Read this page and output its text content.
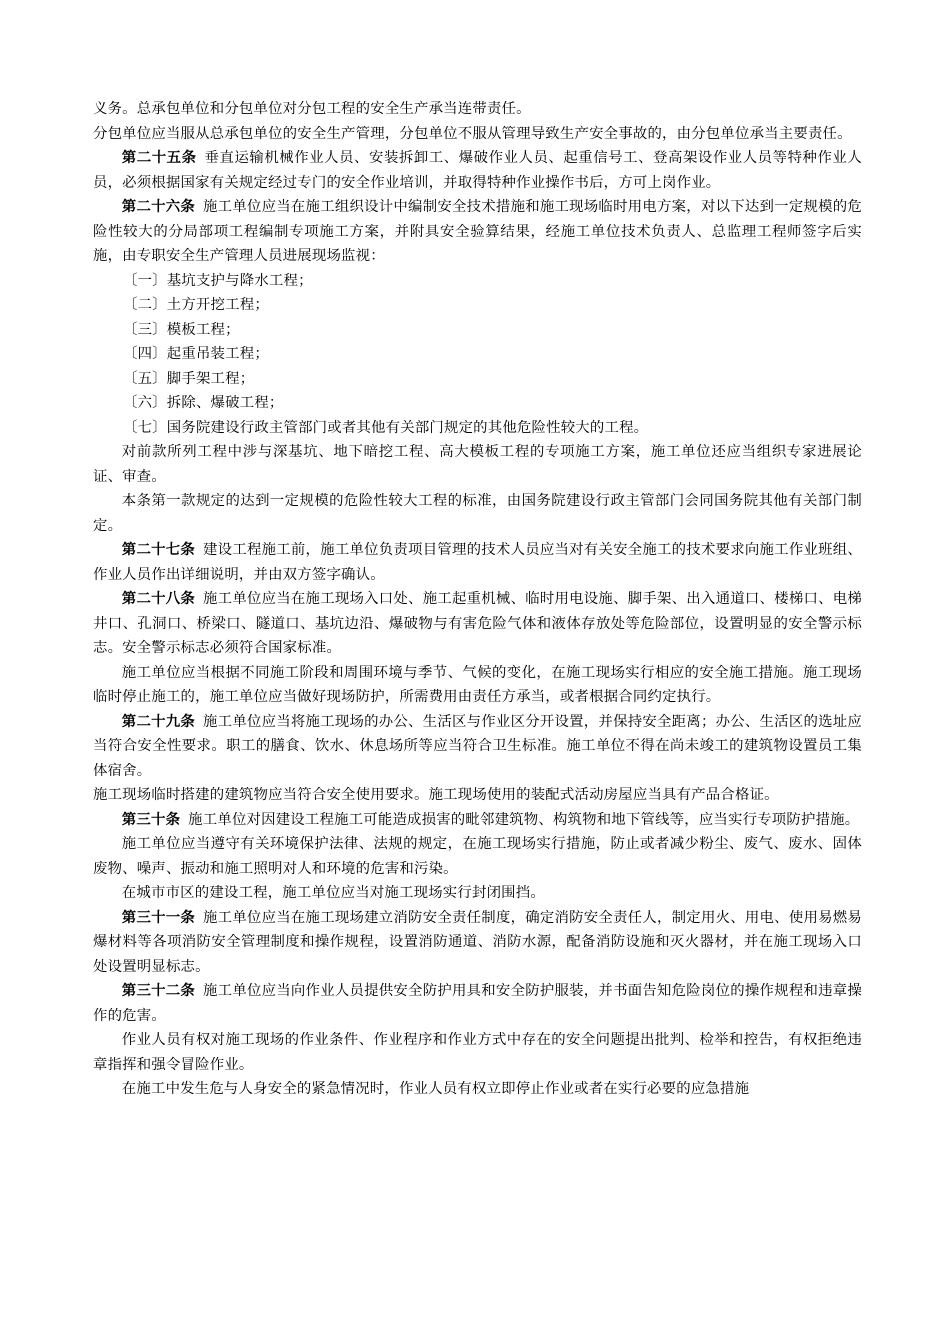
义务。总承包单位和分包单位对分包工程的安全生产承当连带责任。

分包单位应当服从总承包单位的安全生产管理，分包单位不服从管理导致生产安全事故的，由分包单位承当主要责任。

第二十五条 垂直运输机械作业人员、安装拆卸工、爆破作业人员、起重信号工、登高架设作业人员等特种作业人员，必须根据国家有关规定经过专门的安全作业培训，并取得特种作业操作书后，方可上岗作业。

第二十六条 施工单位应当在施工组织设计中编制安全技术措施和施工现场临时用电方案，对以下达到一定规模的危险性较大的分局部项工程编制专项施工方案，并附具安全验算结果，经施工单位技术负责人、总监理工程师签字后实施，由专职安全生产管理人员进展现场监视：

〔一〕基坑支护与降水工程；

〔二〕土方开挖工程；

〔三〕模板工程；

〔四〕起重吊装工程；

〔五〕脚手架工程；

〔六〕拆除、爆破工程；

〔七〕国务院建设行政主管部门或者其他有关部门规定的其他危险性较大的工程。

对前款所列工程中涉与深基坑、地下暗挖工程、高大模板工程的专项施工方案，施工单位还应当组织专家进展论证、审查。

本条第一款规定的达到一定规模的危险性较大工程的标准，由国务院建设行政主管部门会同国务院其他有关部门制定。

第二十七条 建设工程施工前，施工单位负责项目管理的技术人员应当对有关安全施工的技术要求向施工作业班组、作业人员作出详细说明，并由双方签字确认。

第二十八条 施工单位应当在施工现场入口处、施工起重机械、临时用电设施、脚手架、出入通道口、楼梯口、电梯井口、孔洞口、桥梁口、隧道口、基坑边沿、爆破物与有害危险气体和液体存放处等危险部位，设置明显的安全警示标志。安全警示标志必须符合国家标准。

施工单位应当根据不同施工阶段和周围环境与季节、气候的变化，在施工现场实行相应的安全施工措施。施工现场临时停止施工的，施工单位应当做好现场防护，所需费用由责任方承当，或者根据合同约定执行。

第二十九条 施工单位应当将施工现场的办公、生活区与作业区分开设置，并保持安全距离；办公、生活区的选址应当符合安全性要求。职工的膳食、饮水、休息场所等应当符合卫生标准。施工单位不得在尚未竣工的建筑物设置员工集体宿舍。

施工现场临时搭建的建筑物应当符合安全使用要求。施工现场使用的装配式活动房屋应当具有产品合格证。

第三十条 施工单位对因建设工程施工可能造成损害的毗邻建筑物、构筑物和地下管线等，应当实行专项防护措施。

施工单位应当遵守有关环境保护法律、法规的规定，在施工现场实行措施，防止或者减少粉尘、废气、废水、固体废物、噪声、振动和施工照明对人和环境的危害和污染。

在城市市区的建设工程，施工单位应当对施工现场实行封闭围挡。

第三十一条 施工单位应当在施工现场建立消防安全责任制度，确定消防安全责任人，制定用火、用电、使用易燃易爆材料等各项消防安全管理制度和操作规程，设置消防通道、消防水源，配备消防设施和灭火器材，并在施工现场入口处设置明显标志。

第三十二条 施工单位应当向作业人员提供安全防护用具和安全防护服装，并书面告知危险岗位的操作规程和违章操作的危害。

作业人员有权对施工现场的作业条件、作业程序和作业方式中存在的安全问题提出批判、检举和控告，有权拒绝违章指挥和强令冒险作业。

在施工中发生危与人身安全的紧急情况时，作业人员有权立即停止作业或者在实行必要的应急措施
